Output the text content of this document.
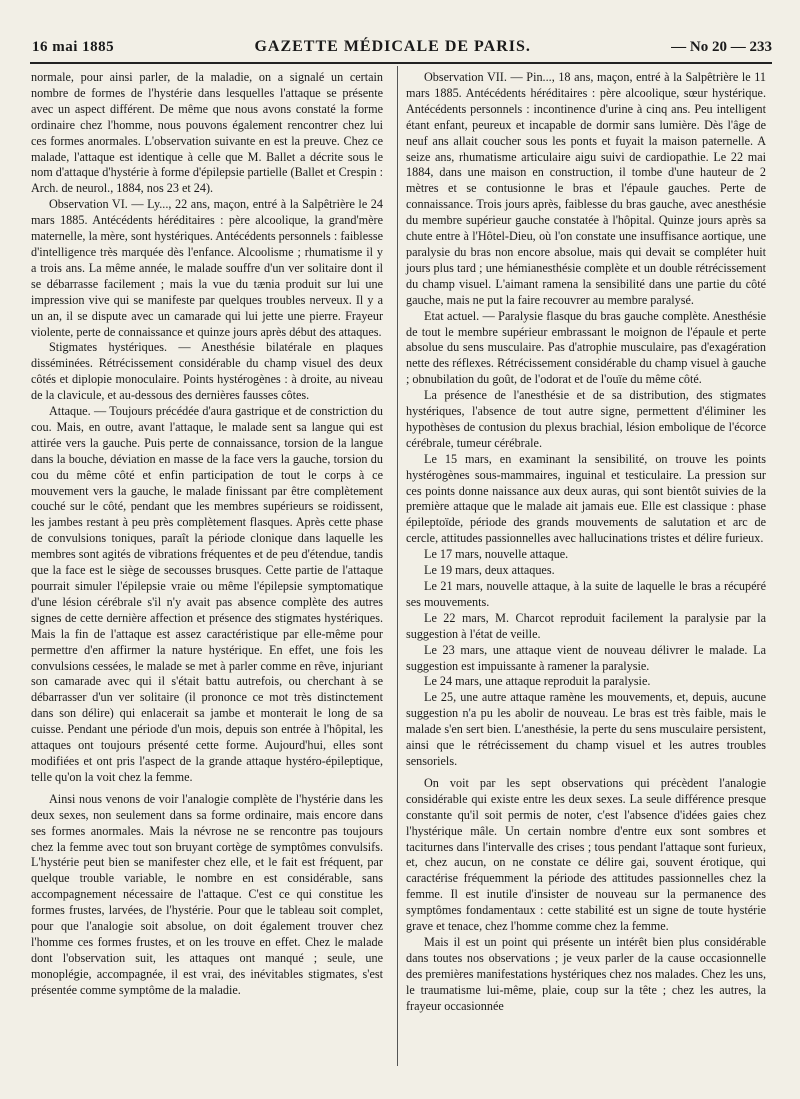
16 mai 1885	GAZETTE MÉDICALE DE PARIS.	— No 20 — 233

normale, pour ainsi parler, de la maladie, on a signalé un certain nombre de formes de l'hystérie dans lesquelles l'attaque se présente avec un aspect différent. De même que nous avons constaté la forme ordinaire chez l'homme, nous pouvons également rencontrer chez lui ces formes anormales. L'observation suivante en est la preuve. Chez ce malade, l'attaque est identique à celle que M. Ballet a décrite sous le nom d'attaque d'hystérie à forme d'épilepsie partielle (Ballet et Crespin : Arch. de neurol., 1884, nos 23 et 24).

Observation VI. — Ly..., 22 ans, maçon, entré à la Salpêtrière le 24 mars 1885. Antécédents héréditaires : père alcoolique, la grand'mère maternelle, la mère, sont hystériques. Antécédents personnels : faiblesse d'intelligence très marquée dès l'enfance. Alcoolisme ; rhumatisme il y a trois ans. La même année, le malade souffre d'un ver solitaire dont il se débarrasse facilement ; mais la vue du tænia produit sur lui une impression vive qui se manifeste par quelques troubles nerveux. Il y a un an, il se dispute avec un camarade qui lui jette une pierre. Frayeur violente, perte de connaissance et quinze jours après début des attaques.

Stigmates hystériques. — Anesthésie bilatérale en plaques disséminées. Rétrécissement considérable du champ visuel des deux côtés et diplopie monoculaire. Points hystérogènes : à droite, au niveau de la clavicule, et au-dessous des dernières fausses côtes.

Attaque. — Toujours précédée d'aura gastrique et de constriction du cou. Mais, en outre, avant l'attaque, le malade sent sa langue qui est attirée vers la gauche. Puis perte de connaissance, torsion de la langue dans la bouche, déviation en masse de la face vers la gauche, torsion du cou du même côté et enfin participation de tout le corps à ce mouvement vers la gauche, le malade finissant par être complètement couché sur le côté, pendant que les membres supérieurs se roidissent, les jambes restant à peu près complètement flasques. Après cette phase de convulsions toniques, paraît la période clonique dans laquelle les membres sont agités de vibrations fréquentes et de peu d'étendue, tandis que la face est le siège de secousses brusques. Cette partie de l'attaque pourrait simuler l'épilepsie vraie ou même l'épilepsie symptomatique d'une lésion cérébrale s'il n'y avait pas absence complète des autres signes de cette dernière affection et présence des stigmates hystériques. Mais la fin de l'attaque est assez caractéristique par elle-même pour permettre d'en affirmer la nature hystérique. En effet, une fois les convulsions cessées, le malade se met à parler comme en rêve, injuriant son camarade avec qui il s'était battu autrefois, ou cherchant à se débarrasser d'un ver solitaire (il prononce ce mot très distinctement dans son délire) qui enlacerait sa jambe et monterait le long de sa cuisse. Pendant une période d'un mois, depuis son entrée à l'hôpital, les attaques ont toujours présenté cette forme. Aujourd'hui, elles sont modifiées et ont pris l'aspect de la grande attaque hystéro-épileptique, telle qu'on la voit chez la femme.

Ainsi nous venons de voir l'analogie complète de l'hystérie dans les deux sexes, non seulement dans sa forme ordinaire, mais encore dans ses formes anormales. Mais la névrose ne se rencontre pas toujours chez la femme avec tout son bruyant cortège de symptômes convulsifs. L'hystérie peut bien se manifester chez elle, et le fait est fréquent, par quelque trouble variable, le nombre en est considérable, sans accompagnement nécessaire de l'attaque. C'est ce qui constitue les formes frustes, larvées, de l'hystérie. Pour que le tableau soit complet, pour que l'analogie soit absolue, on doit également trouver chez l'homme ces formes frustes, et on les trouve en effet. Chez le malade dont l'observation suit, les attaques ont manqué ; seule, une monoplégie, accompagnée, il est vrai, des inévitables stigmates, s'est présentée comme symptôme de la maladie.

Observation VII. — Pin..., 18 ans, maçon, entré à la Salpêtrière le 11 mars 1885. Antécédents héréditaires : père alcoolique, sœur hystérique. Antécédents personnels : incontinence d'urine à cinq ans. Peu intelligent étant enfant, peureux et incapable de dormir sans lumière. Dès l'âge de neuf ans allait coucher sous les ponts et fuyait la maison paternelle. A seize ans, rhumatisme articulaire aigu suivi de cardiopathie. Le 22 mai 1884, dans une maison en construction, il tombe d'une hauteur de 2 mètres et se contusionne le bras et l'épaule gauches. Perte de connaissance. Trois jours après, faiblesse du bras gauche, avec anesthésie du membre supérieur gauche constatée à l'hôpital. Quinze jours après sa chute entre à l'Hôtel-Dieu, où l'on constate une insuffisance aortique, une paralysie du bras non encore absolue, mais qui devait se compléter huit jours plus tard ; une hémianesthésie complète et un double rétrécissement du champ visuel. L'aimant ramena la sensibilité dans une partie du côté gauche, mais ne put la faire recouvrer au membre paralysé.

Etat actuel. — Paralysie flasque du bras gauche complète. Anesthésie de tout le membre supérieur embrassant le moignon de l'épaule et perte absolue du sens musculaire. Pas d'atrophie musculaire, pas d'exagération nette des réflexes. Rétrécissement considérable du champ visuel à gauche ; obnubilation du goût, de l'odorat et de l'ouïe du même côté.

La présence de l'anesthésie et de sa distribution, des stigmates hystériques, l'absence de tout autre signe, permettent d'éliminer les hypothèses de contusion du plexus brachial, lésion embolique de l'écorce cérébrale, tumeur cérébrale.

Le 15 mars, en examinant la sensibilité, on trouve les points hystérogènes sous-mammaires, inguinal et testiculaire. La pression sur ces points donne naissance aux deux auras, qui sont bientôt suivies de la première attaque que le malade ait jamais eue. Elle est classique : phase épileptoïde, période des grands mouvements de salutation et arc de cercle, attitudes passionnelles avec hallucinations tristes et délire furieux.

Le 17 mars, nouvelle attaque.

Le 19 mars, deux attaques.

Le 21 mars, nouvelle attaque, à la suite de laquelle le bras a récupéré ses mouvements.

Le 22 mars, M. Charcot reproduit facilement la paralysie par la suggestion à l'état de veille.

Le 23 mars, une attaque vient de nouveau délivrer le malade. La suggestion est impuissante à ramener la paralysie.

Le 24 mars, une attaque reproduit la paralysie.

Le 25, une autre attaque ramène les mouvements, et, depuis, aucune suggestion n'a pu les abolir de nouveau. Le bras est très faible, mais le malade s'en sert bien. L'anesthésie, la perte du sens musculaire persistent, ainsi que le rétrécissement du champ visuel et les autres troubles sensoriels.

On voit par les sept observations qui précèdent l'analogie considérable qui existe entre les deux sexes. La seule différence presque constante qu'il soit permis de noter, c'est l'absence d'idées gaies chez l'hystérique mâle. Un certain nombre d'entre eux sont sombres et taciturnes dans l'intervalle des crises ; tous pendant l'attaque sont furieux, et, chez aucun, on ne constate ce délire gai, souvent érotique, qui caractérise fréquemment la période des attitudes passionnelles chez la femme. Il est inutile d'insister de nouveau sur la permanence des symptômes fondamentaux : cette stabilité est un signe de toute hystérie grave et tenace, chez l'homme comme chez la femme.

Mais il est un point qui présente un intérêt bien plus considérable dans toutes nos observations ; je veux parler de la cause occasionnelle des premières manifestations hystériques chez nos malades. Chez les uns, le traumatisme lui-même, plaie, coup sur la tête ; chez les autres, la frayeur occasionnée
